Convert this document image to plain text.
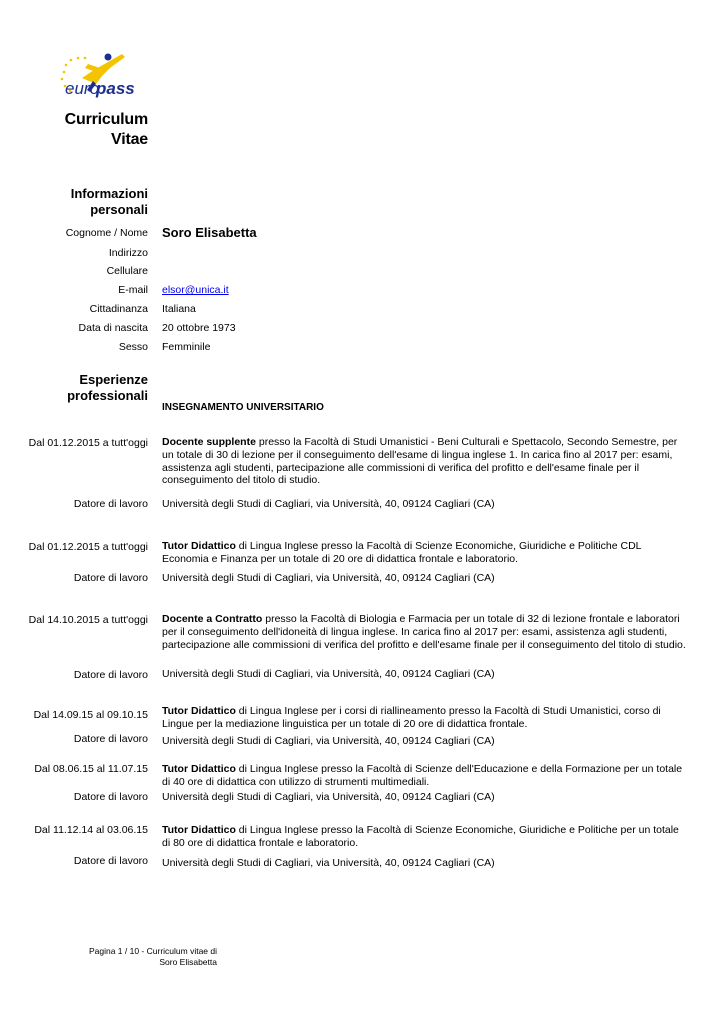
euro
pass
Curriculum
Vitae
Informazioni
personali
Cognome / Nome Soro Elisabetta
Indirizzo
Cellulare
E-mail elsor@unica.it
Cittadinanza Italiana
Data di nascita 20 ottobre 1973
Sesso Femminile
Esperienze
professionali
INSEGNAMENTO UNIVERSITARIO
Dal 01.12.2015 a tutt'oggi Docente supplente presso la Facoltà di Studi Umanistici - Beni Culturali e Spettacolo, Secondo Semestre, per un totale di 30 di lezione per il conseguimento dell'esame di lingua inglese 1. In carica fino al 2017 per: esami, assistenza agli studenti, partecipazione alle commissioni di verifica del profitto e dell'esame finale per il conseguimento del titolo di studio.
Datore di lavoro Università degli Studi di Cagliari, via Università, 40, 09124 Cagliari (CA)
Dal 01.12.2015 a tutt'oggi Tutor Didattico di Lingua Inglese presso la Facoltà di Scienze Economiche, Giuridiche e Politiche CDL Economia e Finanza per un totale di 20 ore di didattica frontale e laboratorio.
Datore di lavoro Università degli Studi di Cagliari, via Università, 40, 09124 Cagliari (CA)
Dal 14.10.2015 a tutt'oggi Docente a Contratto presso la Facoltà di Biologia e Farmacia per un totale di 32 di lezione frontale e laboratori per il conseguimento dell'idoneità di lingua inglese. In carica fino al 2017 per: esami, assistenza agli studenti, partecipazione alle commissioni di verifica del profitto e dell'esame finale per il conseguimento del titolo di studio.
Datore di lavoro Università degli Studi di Cagliari, via Università, 40, 09124 Cagliari (CA)
Dal 14.09.15 al 09.10.15 Tutor Didattico di Lingua Inglese per i corsi di riallineamento presso la Facoltà di Studi Umanistici, corso di Lingue per la mediazione linguistica per un totale di 20 ore di didattica frontale.
Datore di lavoro Università degli Studi di Cagliari, via Università, 40, 09124 Cagliari (CA)
Dal 08.06.15 al 11.07.15 Tutor Didattico di Lingua Inglese presso la Facoltà di Scienze dell'Educazione e della Formazione per un totale di 40 ore di didattica con utilizzo di strumenti multimediali.
Datore di lavoro Università degli Studi di Cagliari, via Università, 40, 09124 Cagliari (CA)
Dal 11.12.14 al 03.06.15 Tutor Didattico di Lingua Inglese presso la Facoltà di Scienze Economiche, Giuridiche e Politiche per un totale di 80 ore di didattica frontale e laboratorio.
Datore di lavoro Università degli Studi di Cagliari, via Università, 40, 09124 Cagliari (CA)
Pagina 1 / 10 - Curriculum vitae di
Soro Elisabetta
